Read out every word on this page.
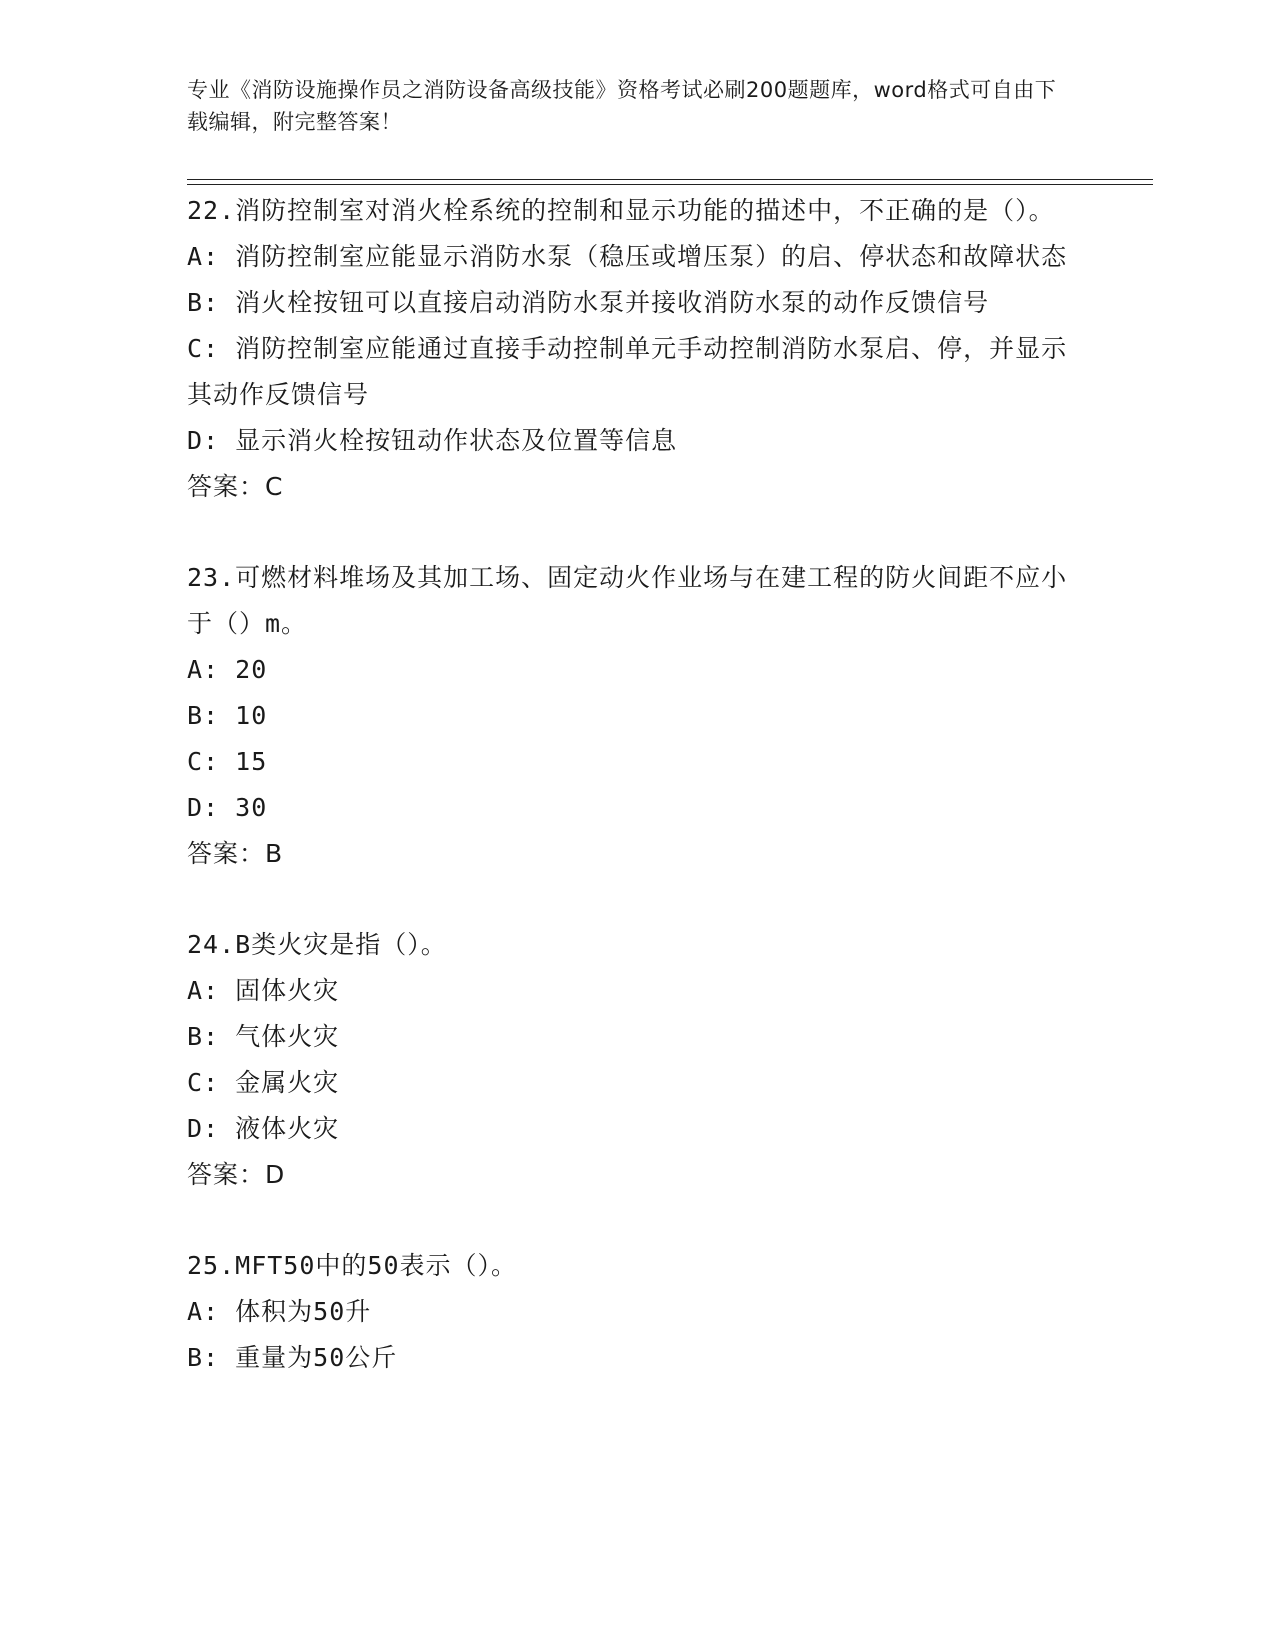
专业《消防设施操作员之消防设备高级技能》资格考试必刷200题题库，word格式可自由下载编辑，附完整答案！

22.消防控制室对消火栓系统的控制和显示功能的描述中，不正确的是（）。

A: 消防控制室应能显示消防水泵（稳压或增压泵）的启、停状态和故障状态

B: 消火栓按钮可以直接启动消防水泵并接收消防水泵的动作反馈信号

C: 消防控制室应能通过直接手动控制单元手动控制消防水泵启、停，并显示其动作反馈信号

D: 显示消火栓按钮动作状态及位置等信息

答案：C

23.可燃材料堆场及其加工场、固定动火作业场与在建工程的防火间距不应小于（）m。

A: 20

B: 10

C: 15

D: 30

答案：B

24.B类火灾是指（）。

A: 固体火灾

B: 气体火灾

C: 金属火灾

D: 液体火灾

答案：D

25.MFT50中的50表示（）。

A: 体积为50升

B: 重量为50公斤
